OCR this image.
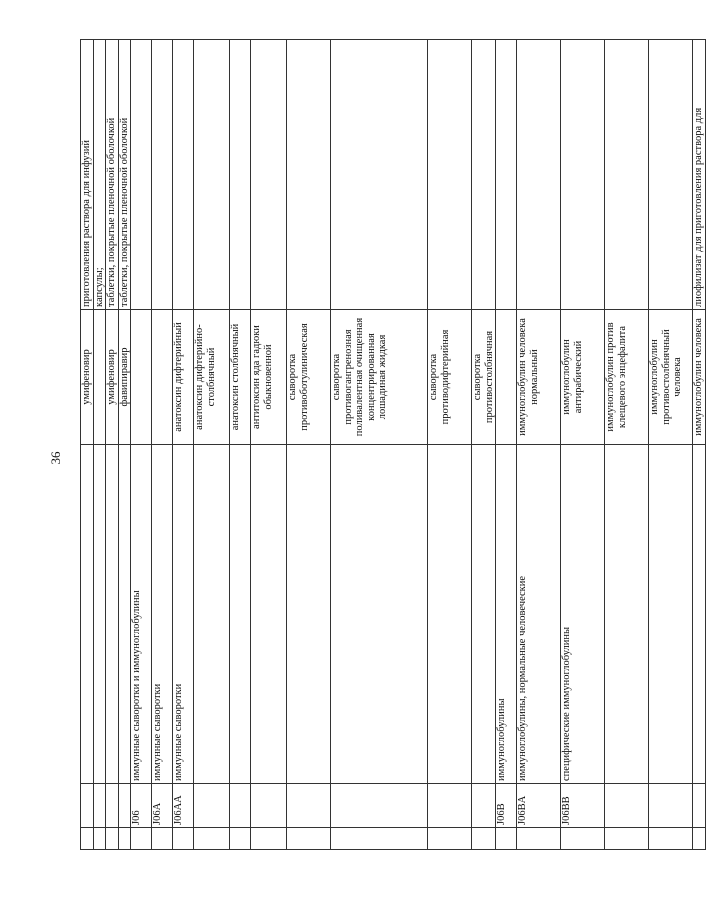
36
			умифеновир	приготовления раствора для инфузий
				капсулы;
			умифеновир	таблетки, покрытые пленочной оболочкой
			фавипиравир	таблетки, покрытые пленочной оболочкой
	J06	иммунные сыворотки и иммуноглобулины		
	J06A	иммунные сыворотки		
	J06AA	иммунные сыворотки	анатоксин дифтерийный	
			анатоксин дифтерийно-столбнячный	
			анатоксин столбнячный	
			антитоксин яда гадюки обыкновенной	
			сыворотка противоботулиническая	
			сыворотка противогангренозная поливалентная очищенная концентрированная лошадиная жидкая	
			сыворотка противодифтерийная	
			сыворотка противостолбнячная	
	J06B	иммуноглобулины		
	J06BA	иммуноглобулины, нормальные человеческие	иммуноглобулин человека нормальный	
	J06BB	специфические иммуноглобулины	иммуноглобулин антирабический	
			иммуноглобулин против клещевого энцефалита	
			иммуноглобулин противостолбнячный человека	
			иммуноглобулин человека	лиофилизат для приготовления раствора для
